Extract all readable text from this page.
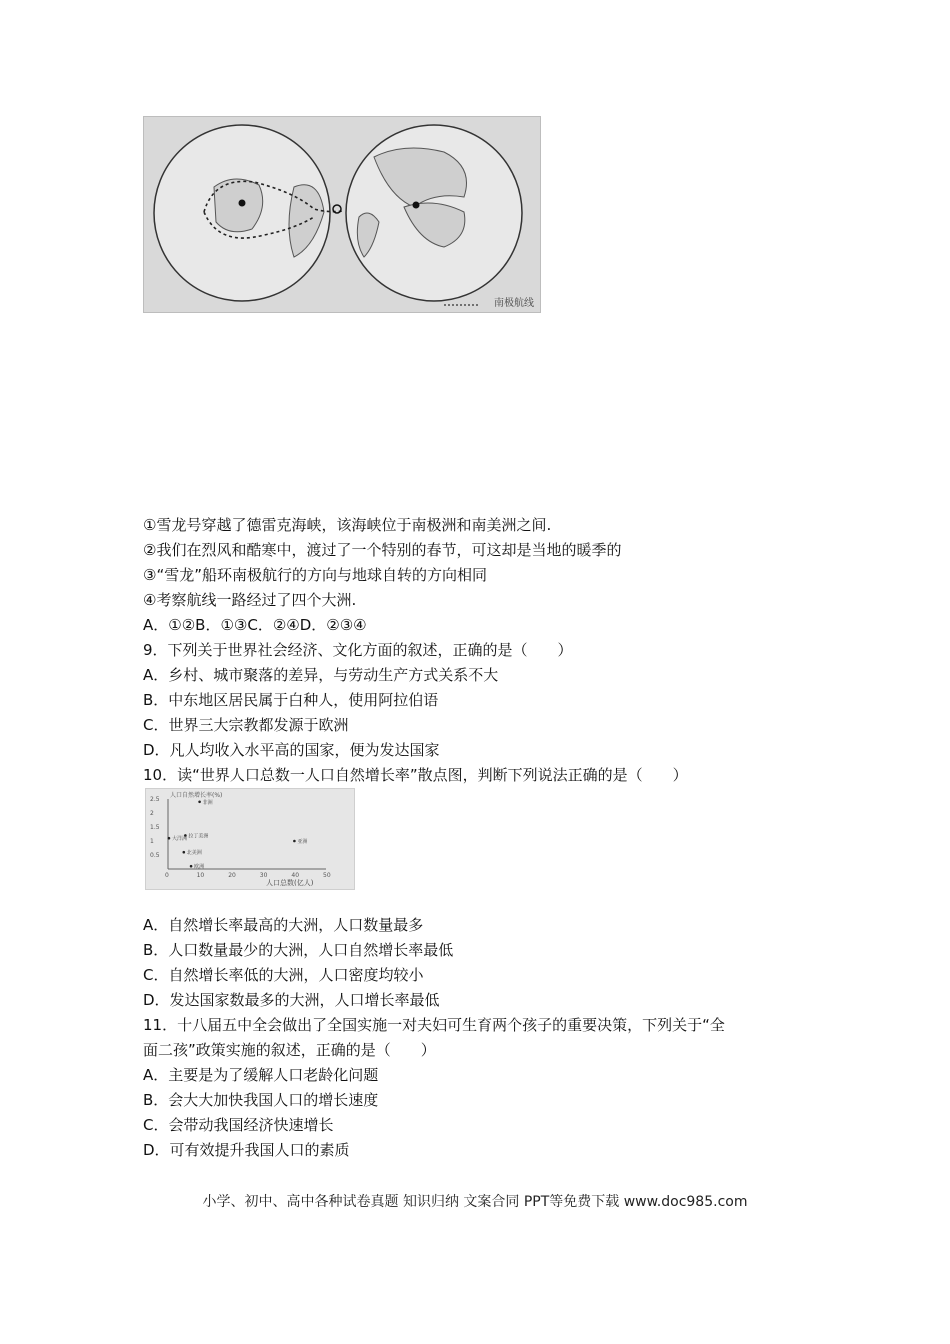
南极航线
①雪龙号穿越了德雷克海峡，该海峡位于南极洲和南美洲之间.
②我们在烈风和酷寒中，渡过了一个特别的春节，可这却是当地的暖季的
③“雪龙”船环南极航行的方向与地球自转的方向相同
④考察航线一路经过了四个大洲.
A．①②B．①③C．②④D．②③④
9．下列关于世界社会经济、文化方面的叙述，正确的是（　　）
A．乡村、城市聚落的差异，与劳动生产方式关系不大
B．中东地区居民属于白种人，使用阿拉伯语
C．世界三大宗教都发源于欧洲
D．凡人均收入水平高的国家，便为发达国家
10．读“世界人口总数一人口自然增长率”散点图，判断下列说法正确的是（　　）
人口自然增长率(%)
人口总数(亿人)
2.5
2
1.5
1
0.5
0	10	20	30	40	50
非洲
大洋洲 拉丁美洲
北美洲
亚洲
欧洲
A．自然增长率最高的大洲，人口数量最多
B．人口数量最少的大洲，人口自然增长率最低
C．自然增长率低的大洲，人口密度均较小
D．发达国家数最多的大洲，人口增长率最低
11．十八届五中全会做出了全国实施一对夫妇可生育两个孩子的重要决策，下列关于“全
面二孩”政策实施的叙述，正确的是（　　）
A．主要是为了缓解人口老龄化问题
B．会大大加快我国人口的增长速度
C．会带动我国经济快速增长
D．可有效提升我国人口的素质
小学、初中、高中各种试卷真题 知识归纳 文案合同 PPT等免费下载 www.doc985.com
